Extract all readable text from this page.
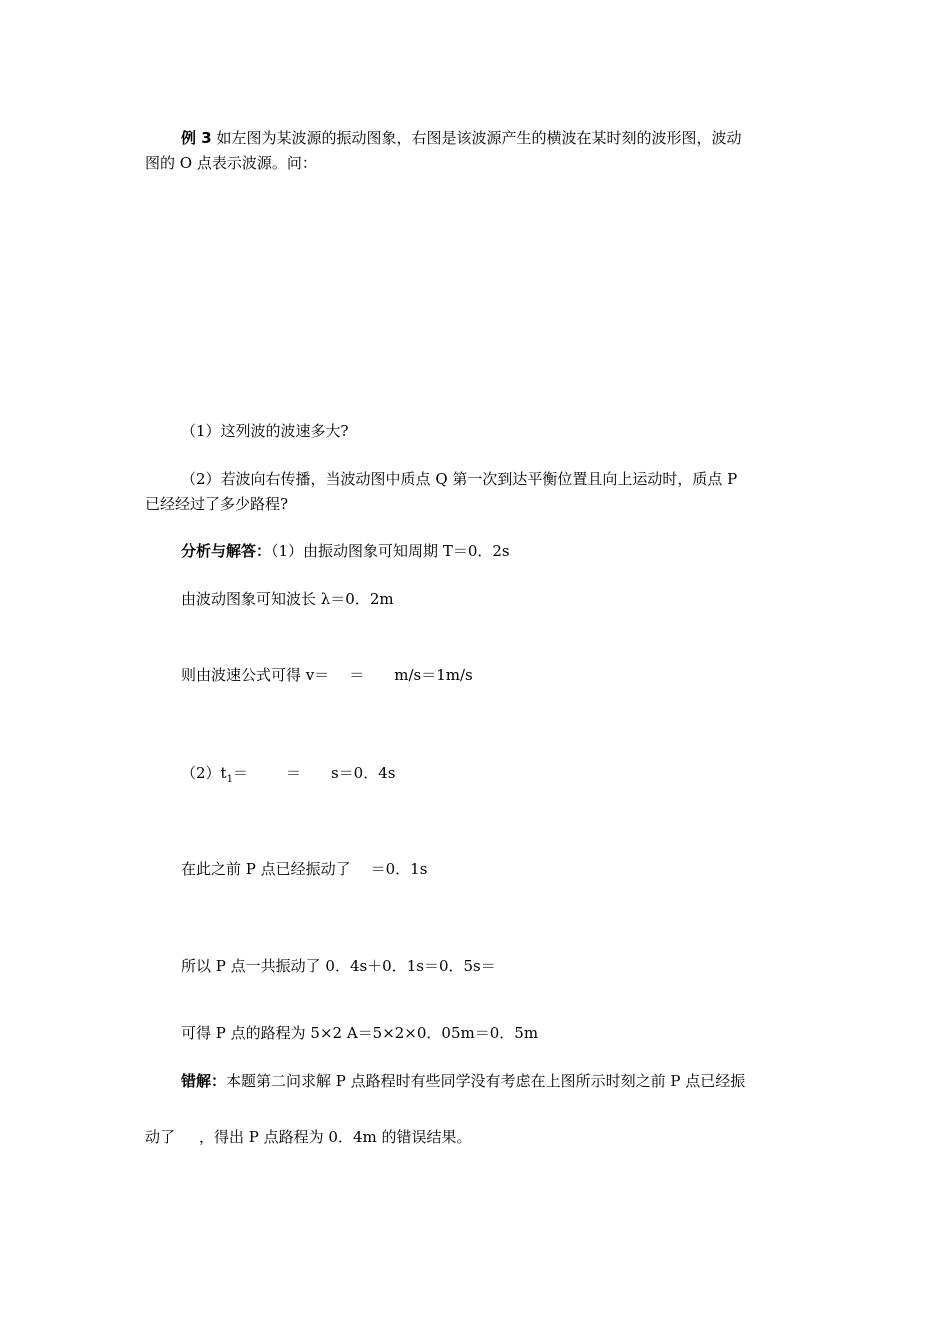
例 3 如左图为某波源的振动图象，右图是该波源产生的横波在某时刻的波形图，波动
图的 O 点表示波源。问：
（1）这列波的波速多大?
（2）若波向右传播，当波动图中质点 Q 第一次到达平衡位置且向上运动时，质点 P
已经经过了多少路程?
分析与解答：（1）由振动图象可知周期 T＝0．2s
由波动图象可知波长 λ＝0．2m
则由波速公式可得 v＝ ＝ m/s＝1m/s
$(2)t_1=$	＝ s＝0．4s
在此之前 P 点已经振动了 ＝0．1s
所以 P 点一共振动了 0．4s＋0．1s＝0．5s＝
可得 P 点的路程为 5×2 A＝5×2×0．05m＝0．5m
错解：本题第二问求解 P 点路程时有些同学没有考虑在上图所示时刻之前 P 点已经振
动了 ，得出 P 点路程为 0．4m 的错误结果。
